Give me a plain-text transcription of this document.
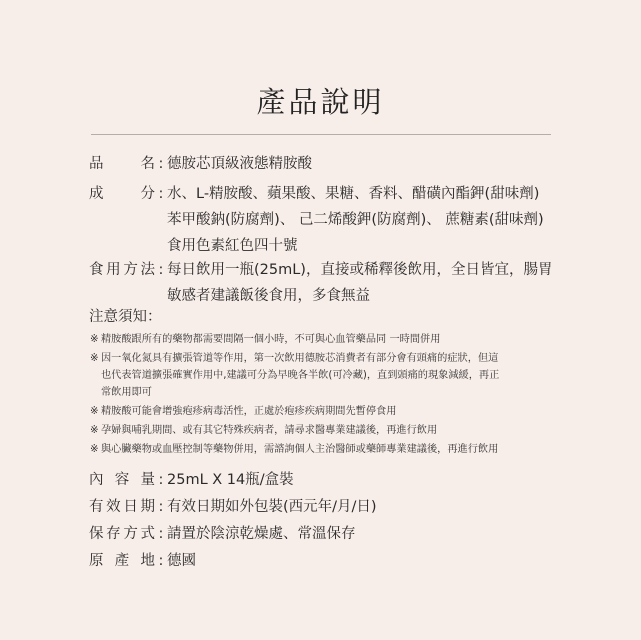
產品說明
品　名 : 德胺芯頂級液態精胺酸
成　分 : 水、L-精胺酸、蘋果酸、果糖、香料、醋磺內酯鉀(甜味劑)
苯甲酸鈉(防腐劑)、 己二烯酸鉀(防腐劑)、 蔗糖素(甜味劑)
食用色素紅色四十號
食用方法 : 每日飲用一瓶(25mL)，直接或稀釋後飲用，全日皆宜，腸胃
敏感者建議飯後食用，多食無益
注意須知：
※ 精胺酸跟所有的藥物都需要間隔一個小時，不可與心血管藥品同 一時間併用
※ 因一氧化氮具有擴張管道等作用，第一次飲用德胺芯消費者有部分會有頭痛的症狀，但這
也代表管道擴張確實作用中,建議可分為早晚各半飲(可冷藏)，直到頭痛的現象減緩，再正
常飲用即可
※ 精胺酸可能會增強疱疹病毒活性，正處於疱疹疾病期間先暫停食用
※ 孕婦與哺乳期間、或有其它特殊疾病者，請尋求醫專業建議後，再進行飲用
※ 與心臟藥物或血壓控制等藥物併用，需諮詢個人主治醫師或藥師專業建議後，再進行飲用
內容量 : 25mL X 14瓶/盒裝
有效日期 : 有效日期如外包裝(西元年/月/日)
保存方式 : 請置於陰涼乾燥處、常溫保存
原產地 : 德國
